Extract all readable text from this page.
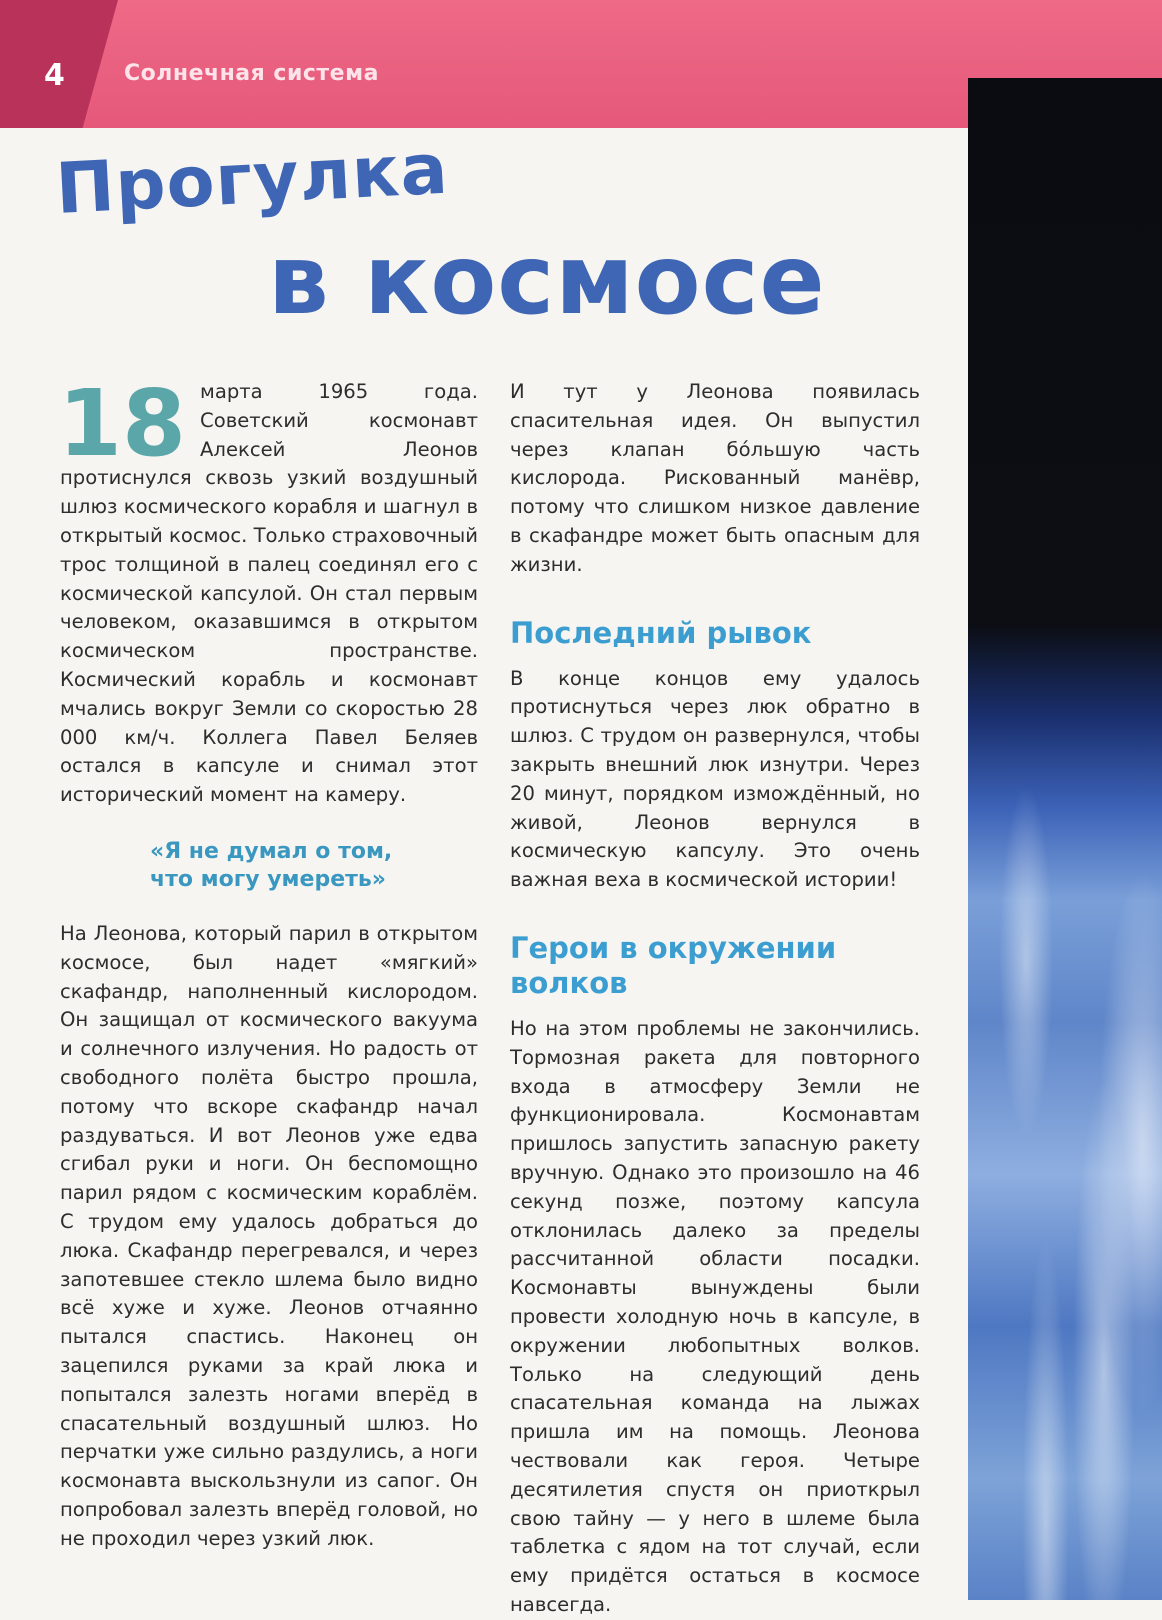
4	Солнечная система
Прогулка
в космосе

18 марта 1965 года. Советский космонавт Алексей Леонов протиснулся сквозь узкий воздушный шлюз космического корабля и шагнул в открытый космос. Только страховочный трос толщиной в палец соединял его с космической капсулой. Он стал первым человеком, оказавшимся в открытом космическом пространстве. Космический корабль и космонавт мчались вокруг Земли со скоростью 28 000 км/ч. Коллега Павел Беляев остался в капсуле и снимал этот исторический момент на камеру.

«Я не думал о том,
что могу умереть»

На Леонова, который парил в открытом космосе, был надет «мягкий» скафандр, наполненный кислородом. Он защищал от космического вакуума и солнечного излучения. Но радость от свободного полёта быстро прошла, потому что вскоре скафандр начал раздуваться. И вот Леонов уже едва сгибал руки и ноги. Он беспомощно парил рядом с космическим кораблём. С трудом ему удалось добраться до люка. Скафандр перегревался, и через запотевшее стекло шлема было видно всё хуже и хуже. Леонов отчаянно пытался спастись. Наконец он зацепился руками за край люка и попытался залезть ногами вперёд в спасательный воздушный шлюз. Но перчатки уже сильно раздулись, а ноги космонавта выскользнули из сапог. Он попробовал залезть вперёд головой, но не проходил через узкий люк.

И тут у Леонова появилась спасительная идея. Он выпустил через клапан бóльшую часть кислорода. Рискованный манёвр, потому что слишком низкое давление в скафандре может быть опасным для жизни.

Последний рывок

В конце концов ему удалось протиснуться через люк обратно в шлюз. С трудом он развернулся, чтобы закрыть внешний люк изнутри. Через 20 минут, порядком измождённый, но живой, Леонов вернулся в космическую капсулу. Это очень важная веха в космической истории!

Герои в окружении волков

Но на этом проблемы не закончились. Тормозная ракета для повторного входа в атмосферу Земли не функционировала. Космонавтам пришлось запустить запасную ракету вручную. Однако это произошло на 46 секунд позже, поэтому капсула отклонилась далеко за пределы рассчитанной области посадки. Космонавты вынуждены были провести холодную ночь в капсуле, в окружении любопытных волков. Только на следующий день спасательная команда на лыжах пришла им на помощь. Леонова чествовали как героя. Четыре десятилетия спустя он приоткрыл свою тайну — у него в шлеме была таблетка с ядом на тот случай, если ему придётся остаться в космосе навсегда.
